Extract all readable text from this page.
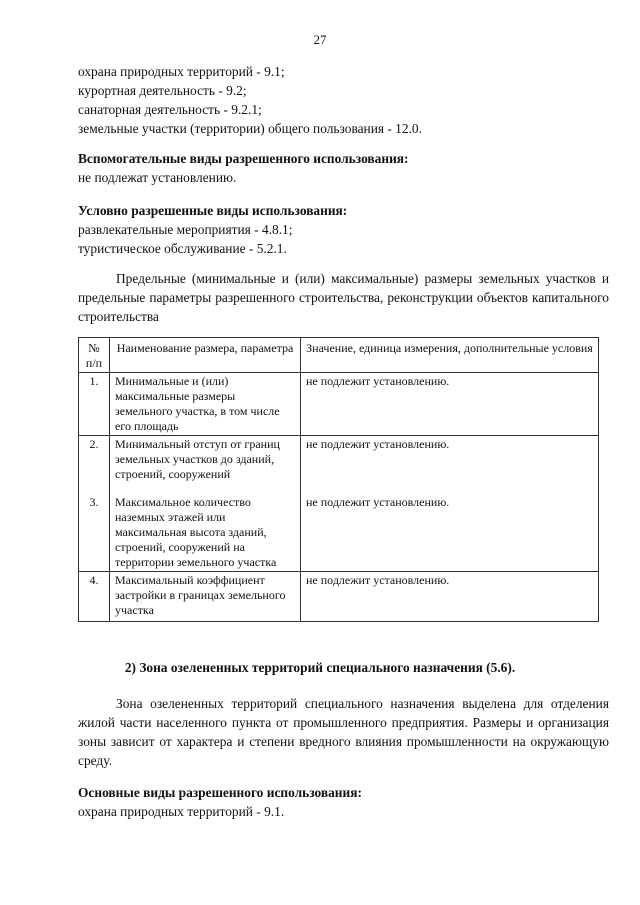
27
охрана природных территорий - 9.1;
курортная деятельность - 9.2;
санаторная деятельность - 9.2.1;
земельные участки (территории) общего пользования - 12.0.
Вспомогательные виды разрешенного использования:
не подлежат установлению.
Условно разрешенные виды использования:
развлекательные мероприятия - 4.8.1;
туристическое обслуживание - 5.2.1.
Предельные (минимальные и (или) максимальные) размеры земельных участков и предельные параметры разрешенного строительства, реконструкции объектов капитального строительства
№ п/п	Наименование размера, параметра	Значение, единица измерения, дополнительные условия
1.	Минимальные и (или) максимальные размеры земельного участка, в том числе его площадь	не подлежит установлению.
2.	Минимальный отступ от границ земельных участков до зданий, строений, сооружений	не подлежит установлению.
3.	Максимальное количество наземных этажей или максимальная высота зданий, строений, сооружений на территории земельного участка	не подлежит установлению.
4.	Максимальный коэффициент застройки в границах земельного участка	не подлежит установлению.
2) Зона озелененных территорий специального назначения (5.6).
Зона озелененных территорий специального назначения выделена для отделения жилой части населенного пункта от промышленного предприятия. Размеры и организация зоны зависит от характера и степени вредного влияния промышленности на окружающую среду.
Основные виды разрешенного использования:
охрана природных территорий - 9.1.
